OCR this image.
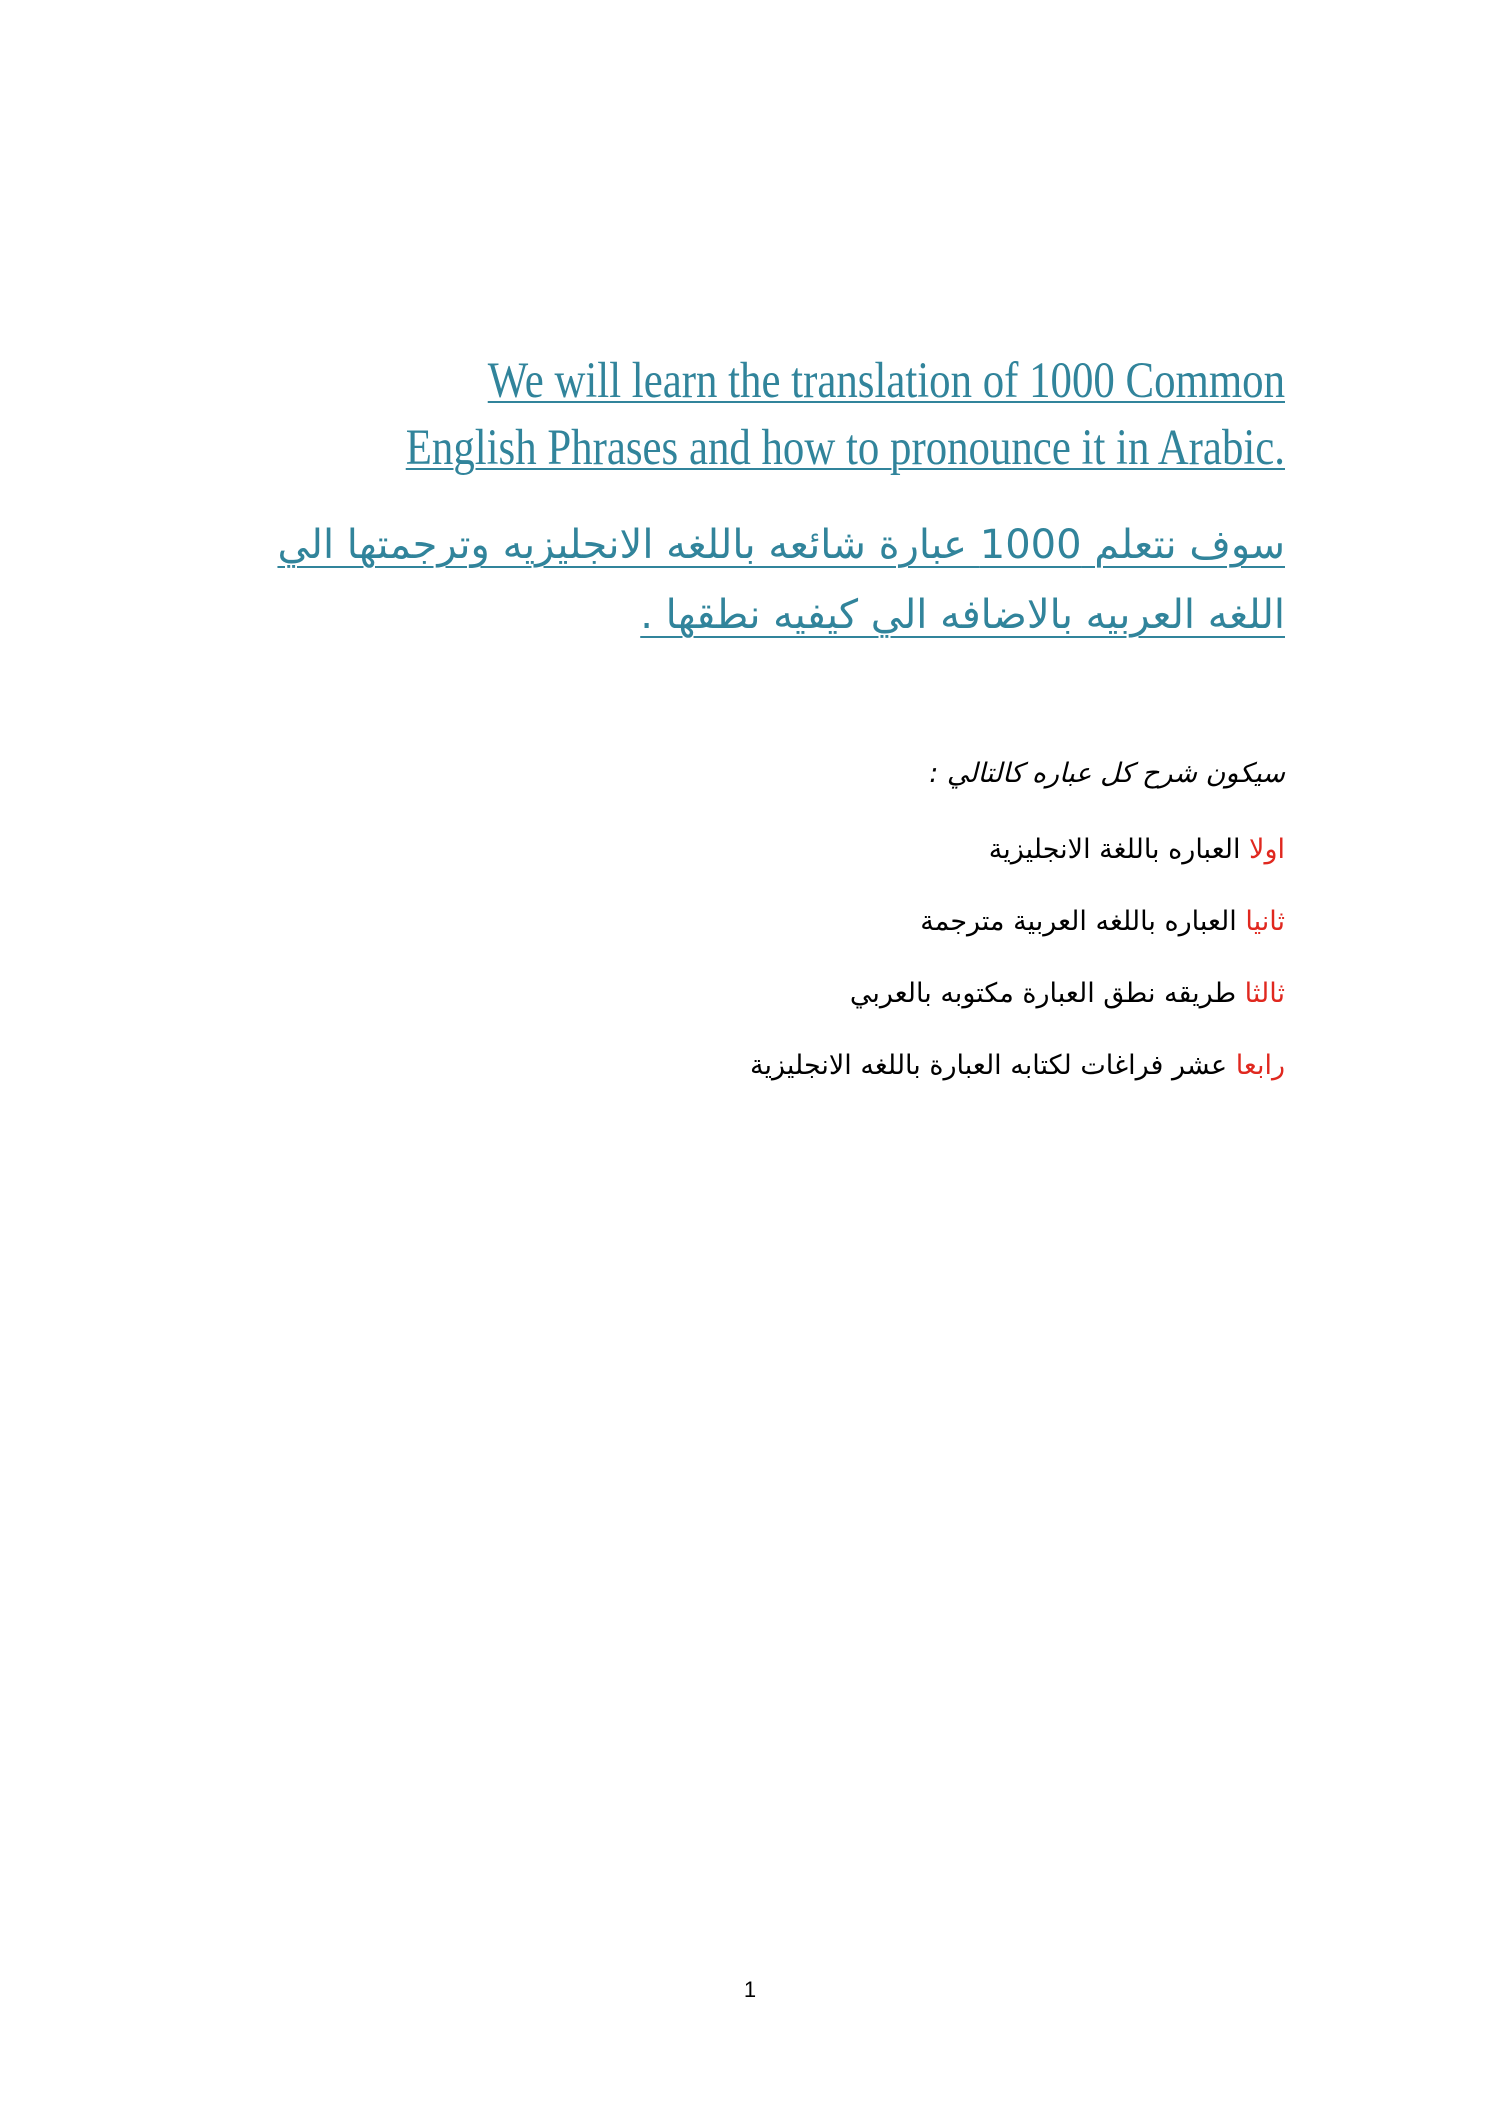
We will learn the translation of 1000 Common
English Phrases and how to pronounce it in Arabic.
سوف نتعلم 1000 عبارة شائعه باللغه الانجليزيه وترجمتها الي
اللغه العربيه بالاضافه الي كيفيه نطقها .

سيكون شرح كل عباره كالتالي :

اولا العباره باللغة الانجليزية
ثانيا العباره باللغه العربية مترجمة
ثالثا طريقه نطق العبارة مكتوبه بالعربي
رابعا عشر فراغات لكتابه العبارة باللغه الانجليزية
1
